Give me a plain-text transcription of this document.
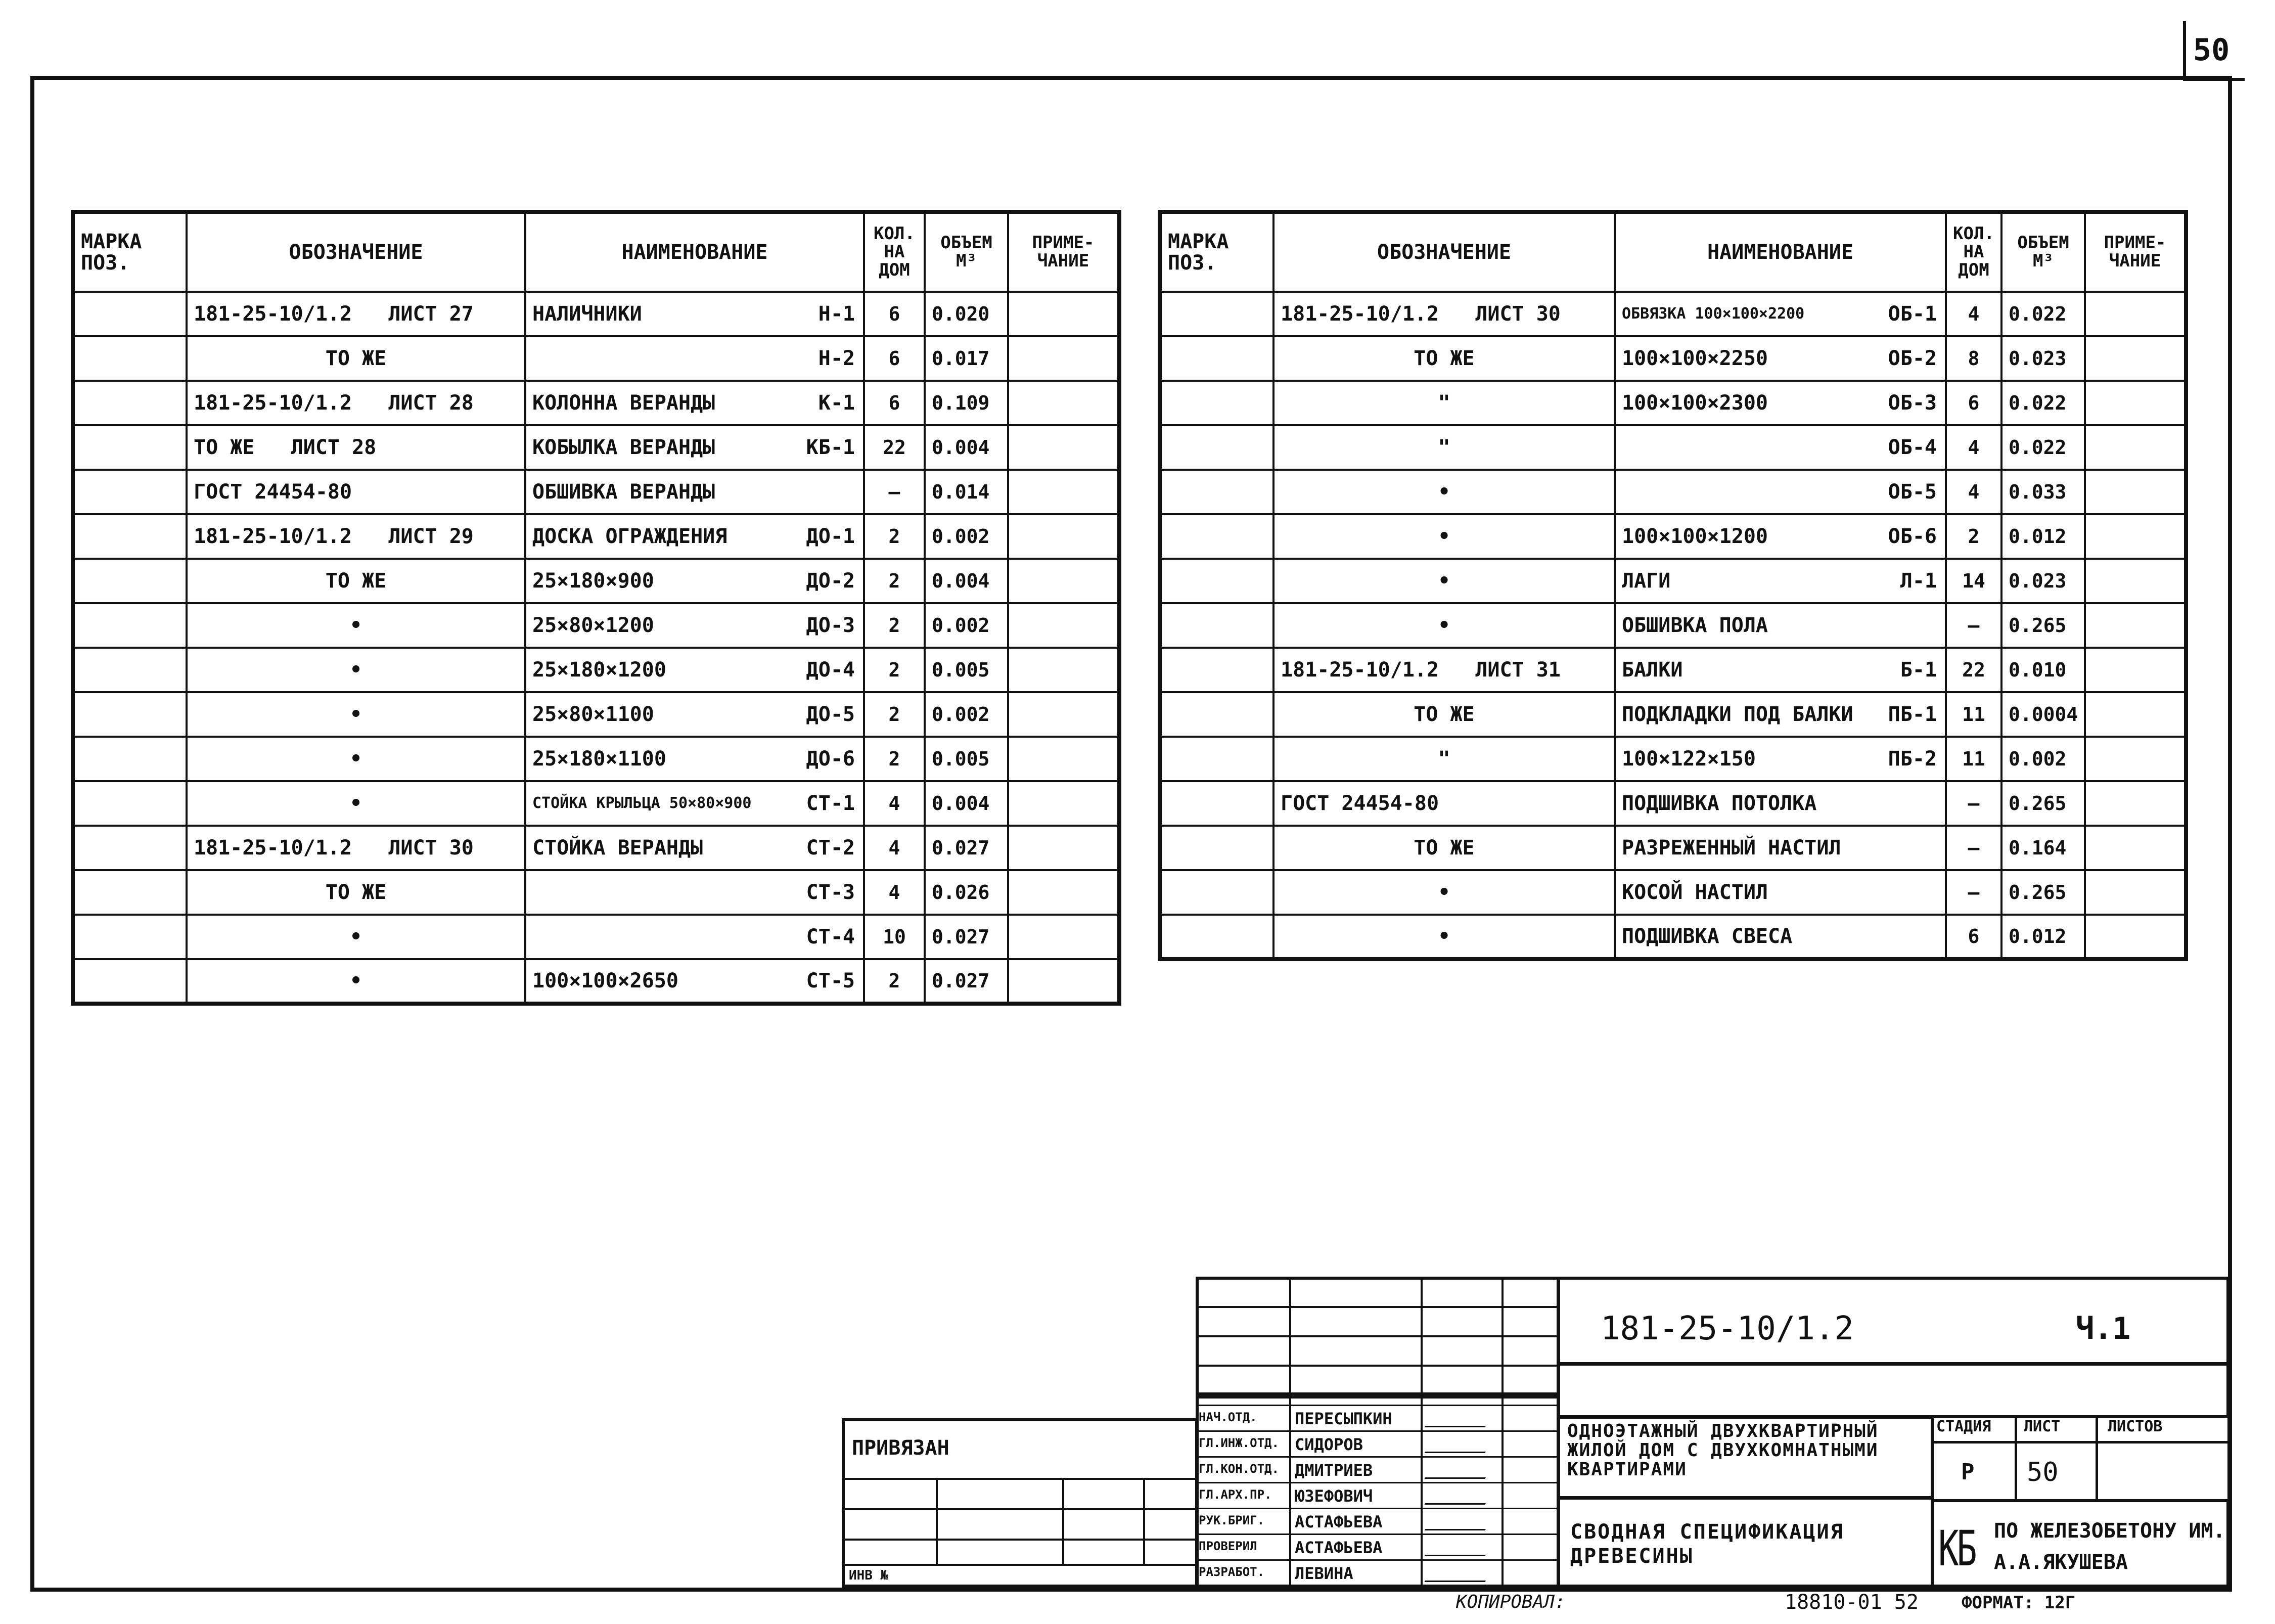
50
МАРКА ПОЗ.	ОБОЗНАЧЕНИЕ	НАИМЕНОВАНИЕ	КОЛ. НА ДОМ	ОБЪЕМ М³	ПРИМЕ-ЧАНИЕ
	181-25-10/1.2   ЛИСТ 27	НАЛИЧНИКИ Н-1	6	0.020	
	ТО ЖЕ	Н-2	6	0.017	
	181-25-10/1.2   ЛИСТ 28	КОЛОННА ВЕРАНДЫ К-1	6	0.109	
	ТО ЖЕ   ЛИСТ 28	КОБЫЛКА ВЕРАНДЫ КБ-1	22	0.004	
	ГОСТ 24454-80	ОБШИВКА ВЕРАНДЫ	—	0.014	
	181-25-10/1.2   ЛИСТ 29	ДОСКА ОГРАЖДЕНИЯ ДО-1	2	0.002	
	ТО ЖЕ	25×180×900 ДО-2	2	0.004	
	•	25×80×1200 ДО-3	2	0.002	
	•	25×180×1200 ДО-4	2	0.005	
	•	25×80×1100 ДО-5	2	0.002	
	•	25×180×1100 ДО-6	2	0.005	
	•	СТОЙКА КРЫЛЬЦА 50×80×900 СТ-1	4	0.004	
	181-25-10/1.2   ЛИСТ 30	СТОЙКА ВЕРАНДЫ СТ-2	4	0.027	
	ТО ЖЕ	СТ-3	4	0.026	
	•	СТ-4	10	0.027	
	•	100×100×2650 СТ-5	2	0.027	
МАРКА ПОЗ.	ОБОЗНАЧЕНИЕ	НАИМЕНОВАНИЕ	КОЛ. НА ДОМ	ОБЪЕМ М³	ПРИМЕ-ЧАНИЕ
	181-25-10/1.2   ЛИСТ 30	ОБВЯЗКА 100×100×2200 ОБ-1	4	0.022	
	ТО ЖЕ	100×100×2250 ОБ-2	8	0.023	
	"	100×100×2300 ОБ-3	6	0.022	
	"	ОБ-4	4	0.022	
	•	ОБ-5	4	0.033	
	•	100×100×1200 ОБ-6	2	0.012	
	•	ЛАГИ Л-1	14	0.023	
	•	ОБШИВКА ПОЛА	—	0.265	
	181-25-10/1.2   ЛИСТ 31	БАЛКИ Б-1	22	0.010	
	ТО ЖЕ	ПОДКЛАДКИ ПОД БАЛКИ ПБ-1	11	0.0004	
	"	100×122×150 ПБ-2	11	0.002	
	ГОСТ 24454-80	ПОДШИВКА ПОТОЛКА	—	0.265	
	ТО ЖЕ	РАЗРЕЖЕННЫЙ НАСТИЛ	—	0.164	
	•	КОСОЙ НАСТИЛ	—	0.265	
	•	ПОДШИВКА СВЕСА	6	0.012	
181-25-10/1.2	Ч.1
НАЧ.ОТД. ПЕРЕСЫПКИН
ГЛ.ИНЖ.ОТД. СИДОРОВ
ГЛ.КОН.ОТД. ДМИТРИЕВ
ГЛ.АРХ.ПР. ЮЗЕФОВИЧ
РУК.БРИГ. АСТАФЬЕВА
ПРОВЕРИЛ АСТАФЬЕВА
РАЗРАБОТ. ЛЕВИНА
ОДНОЭТАЖНЫЙ ДВУХКВАРТИРНЫЙ ЖИЛОЙ ДОМ С ДВУХКОМНАТНЫМИ КВАРТИРАМИ
СВОДНАЯ СПЕЦИФИКАЦИЯ ДРЕВЕСИНЫ
СТАДИЯ	ЛИСТ	ЛИСТОВ
Р 50
КБ ПО ЖЕЛЕЗОБЕТОНУ ИМ. А.А.ЯКУШЕВА
ПРИВЯЗАН
ИНВ №
КОПИРОВАЛ:	18810-01 52	ФОРМАТ: 12Г
